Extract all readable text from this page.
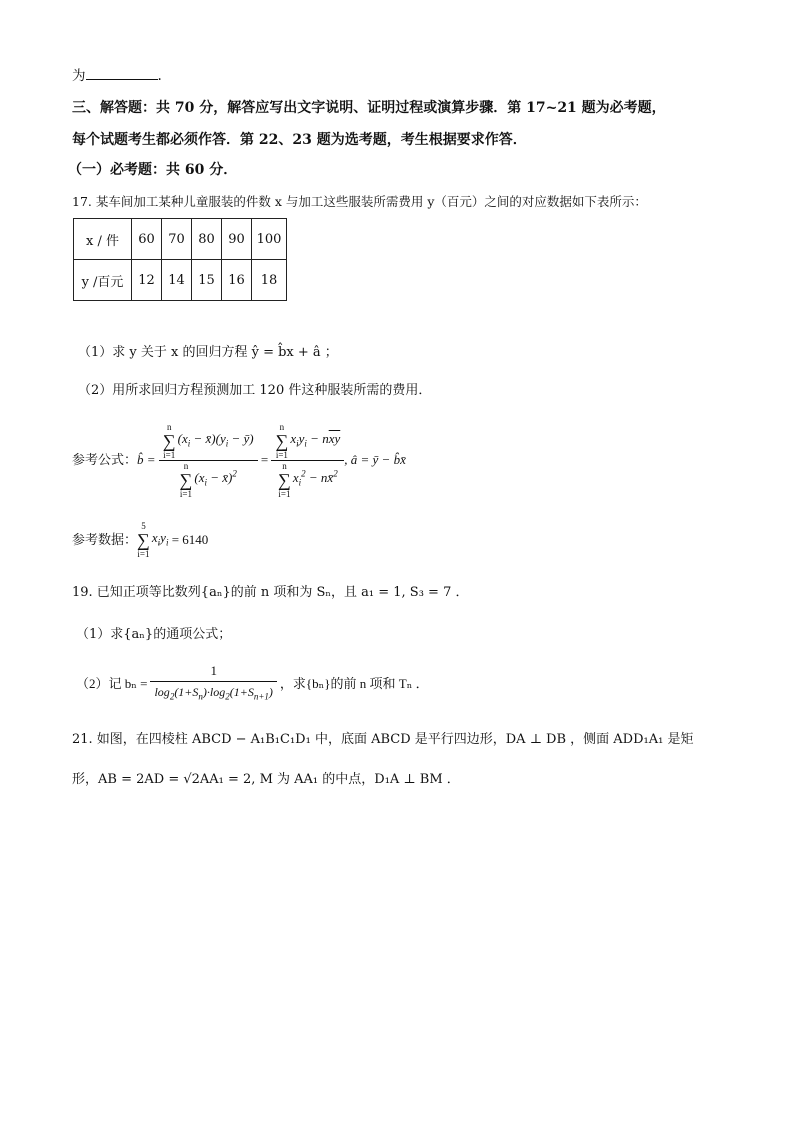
为	.
三、解答题：共 70 分，解答应写出文字说明、证明过程或演算步骤．第 17~21 题为必考题，
每个试题考生都必须作答．第 22、23 题为选考题，考生根据要求作答．
（一）必考题：共 60 分．
17. 某车间加工某种儿童服装的件数 x 与加工这些服装所需费用 y（百元）之间的对应数据如下表所示：
x / 件	60	70	80	90	100
y /百元	12	14	15	16	18
（1）求 y 关于 x 的回归方程 ŷ = b̂x + â ；
（2）用所求回归方程预测加工 120 件这种服装所需的费用．
参考公式： b̂ = n
∑
$i=1(x_i$ − $x̄)(y_i$ − ȳ)
n
∑
$i=1(x_i$ − x̄)$^2$ = n
∑
$i=1x_iy_i - n\overline{xy}$
n
∑
$i=1x_i^2$ − nx̄$^2$ , â = ȳ − b̂x̄
参考数据：
5
∑
i=1
$x_iy_i = 6140$
19. 已知正项等比数列{aₙ}的前 n 项和为 Sₙ，且 a₁ = 1, S₃ = 7 ．
（1）求{aₙ}的通项公式；
（2）记 $b_n = \frac{1}{\log_2(1+S_n)\cdot\log_2(1+S_{n+1})}$ ，求{bₙ}的前 n 项和 Tₙ ．
21. 如图，在四棱柱 ABCD − A₁B₁C₁D₁ 中，底面 ABCD 是平行四边形，DA ⊥ DB ，侧面 ADD₁A₁ 是矩
形，AB = 2AD = √2AA₁ = 2, M 为 AA₁ 的中点，D₁A ⊥ BM ．
